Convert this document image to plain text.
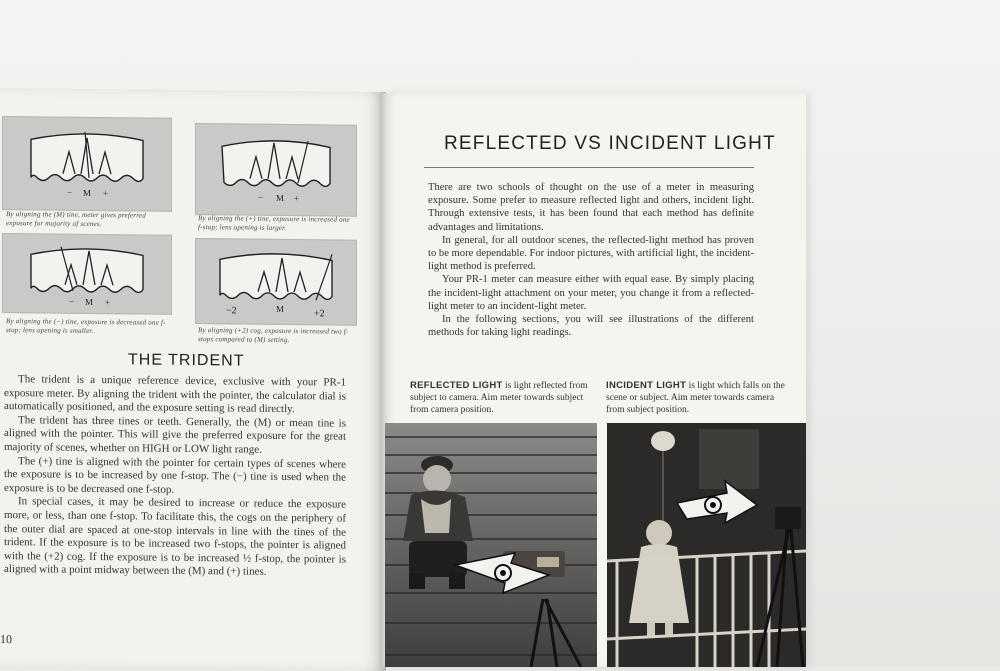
− M +
By aligning the (M) tine, meter gives preferred exposure for majority of scenes.
− M +
By aligning the (+) tine, exposure is increased one f-stop; lens opening is larger.
− M +
By aligning the (−) tine, exposure is decreased one f-stop; lens opening is smaller.
−2	M	+2
By aligning (+2) cog, exposure is increased two f-stops compared to (M) setting.
THE TRIDENT

The trident is a unique reference device, exclusive with your PR-1 exposure meter. By aligning the trident with the pointer, the calculator dial is automatically positioned, and the exposure setting is read directly.

The trident has three tines or teeth. Generally, the (M) or mean tine is aligned with the pointer. This will give the preferred exposure for the great majority of scenes, whether on HIGH or LOW light range.

The (+) tine is aligned with the pointer for certain types of scenes where the exposure is to be increased by one f-stop. The (−) tine is used when the exposure is to be decreased one f-stop.

In special cases, it may be desired to increase or reduce the exposure more, or less, than one f-stop. To facilitate this, the cogs on the periphery of the outer dial are spaced at one-stop intervals in line with the tines of the trident. If the exposure is to be increased two f-stops, the pointer is aligned with the (+2) cog. If the exposure is to be increased ½ f-stop, the pointer is aligned with a point midway between the (M) and (+) tines.

10
REFLECTED VS INCIDENT LIGHT

There are two schools of thought on the use of a meter in measuring exposure. Some prefer to measure reflected light and others, incident light. Through extensive tests, it has been found that each method has definite advantages and limitations.

In general, for all outdoor scenes, the reflected-light method has proven to be more dependable. For indoor pictures, with artificial light, the incident-light method is preferred.

Your PR-1 meter can measure either with equal ease. By simply placing the incident-light attachment on your meter, you change it from a reflected-light meter to an incident-light meter.

In the following sections, you will see illustrations of the different methods for taking light readings.

REFLECTED LIGHT is light reflected from subject to camera. Aim meter towards subject from camera position.
INCIDENT LIGHT is light which falls on the scene or subject. Aim meter towards camera from subject position.
